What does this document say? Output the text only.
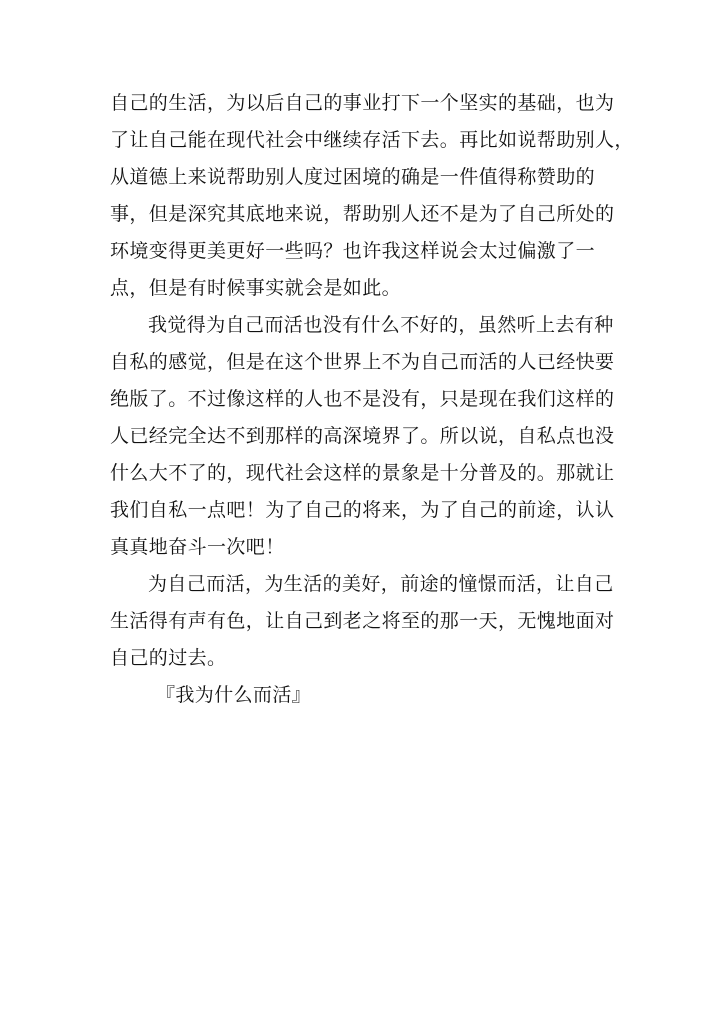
自己的生活，为以后自己的事业打下一个坚实的基础，也为
了让自己能在现代社会中继续存活下去。再比如说帮助别人，
从道德上来说帮助别人度过困境的确是一件值得称赞助的
事，但是深究其底地来说，帮助别人还不是为了自己所处的
环境变得更美更好一些吗？也许我这样说会太过偏激了一
点，但是有时候事实就会是如此。
我觉得为自己而活也没有什么不好的，虽然听上去有种
自私的感觉，但是在这个世界上不为自己而活的人已经快要
绝版了。不过像这样的人也不是没有，只是现在我们这样的
人已经完全达不到那样的高深境界了。所以说，自私点也没
什么大不了的，现代社会这样的景象是十分普及的。那就让
我们自私一点吧！为了自己的将来，为了自己的前途，认认
真真地奋斗一次吧！
为自己而活，为生活的美好，前途的憧憬而活，让自己
生活得有声有色，让自己到老之将至的那一天，无愧地面对
自己的过去。
『我为什么而活』
